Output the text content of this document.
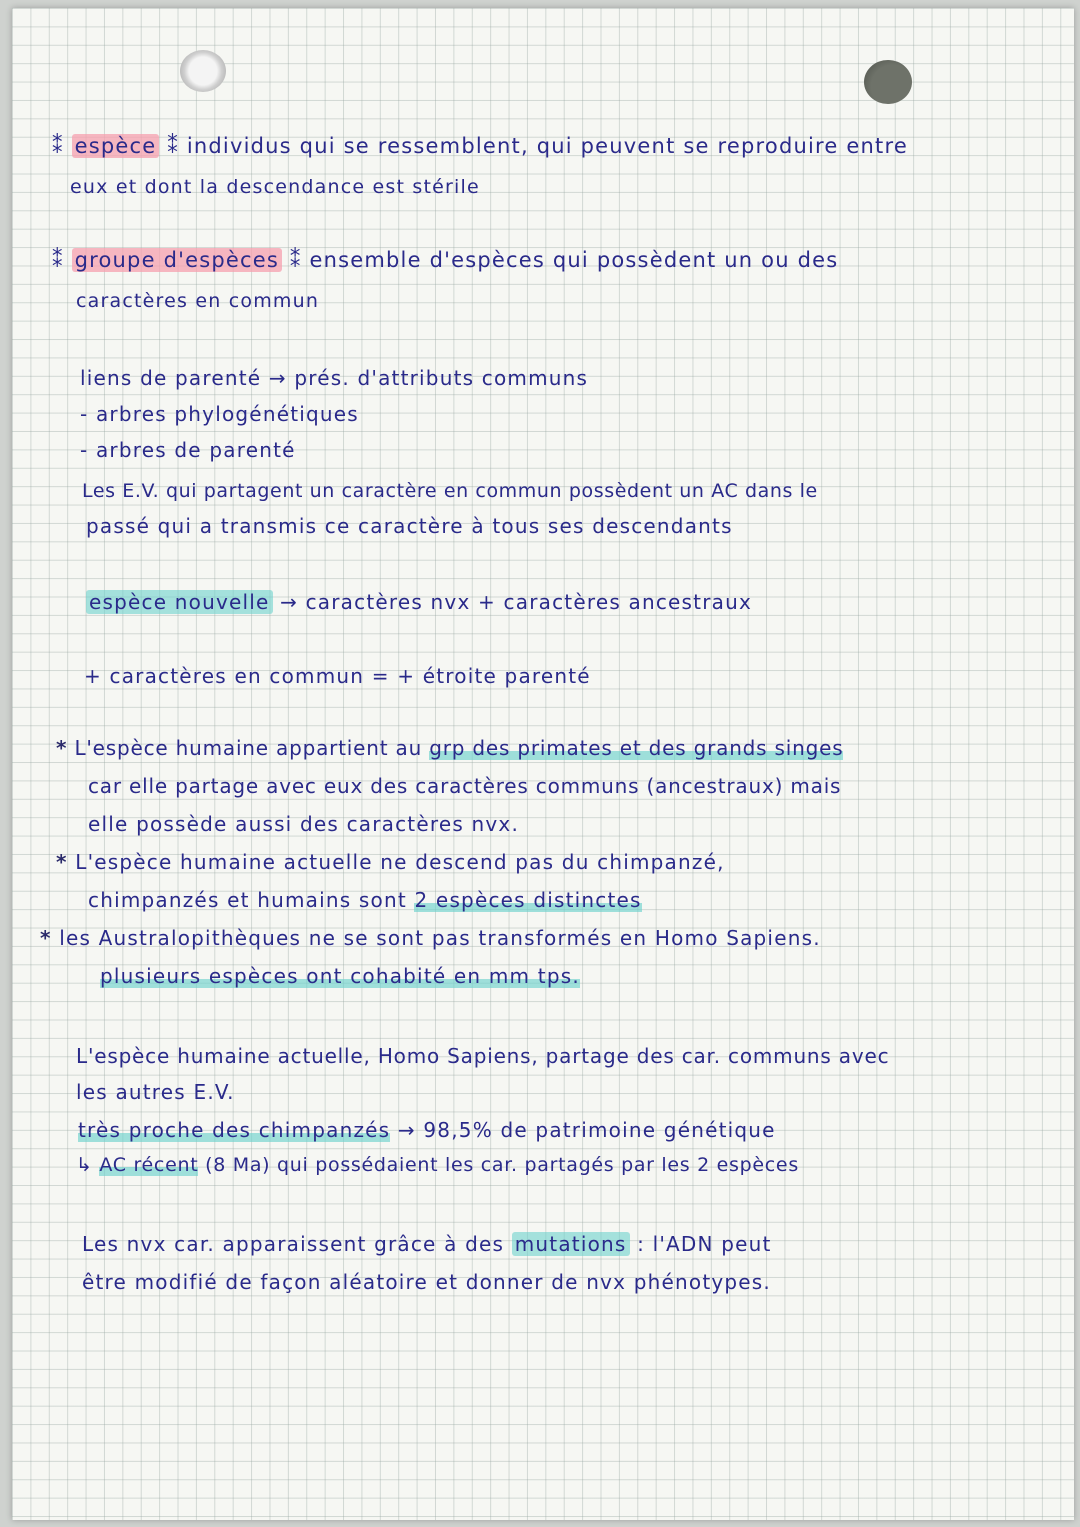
⁑ espèce ⁑ individus qui se ressemblent, qui peuvent se reproduire entre
eux et dont la descendance est stérile
⁑ groupe d'espèces ⁑ ensemble d'espèces qui possèdent un ou des
caractères en commun
liens de parenté → prés. d'attributs communs
- arbres phylogénétiques
- arbres de parenté
Les E.V. qui partagent un caractère en commun possèdent un AC dans le
passé qui a transmis ce caractère à tous ses descendants
espèce nouvelle → caractères nvx + caractères ancestraux
+ caractères en commun = + étroite parenté
* L'espèce humaine appartient au grp des primates et des grands singes
car elle partage avec eux des caractères communs (ancestraux) mais
elle possède aussi des caractères nvx.
* L'espèce humaine actuelle ne descend pas du chimpanzé,
chimpanzés et humains sont 2 espèces distinctes
* les Australopithèques ne se sont pas transformés en Homo Sapiens.
plusieurs espèces ont cohabité en mm tps.
L'espèce humaine actuelle, Homo Sapiens, partage des car. communs avec
les autres E.V.
très proche des chimpanzés → 98,5% de patrimoine génétique
↳ AC récent (8 Ma) qui possédaient les car. partagés par les 2 espèces
Les nvx car. apparaissent grâce à des mutations : l'ADN peut
être modifié de façon aléatoire et donner de nvx phénotypes.
